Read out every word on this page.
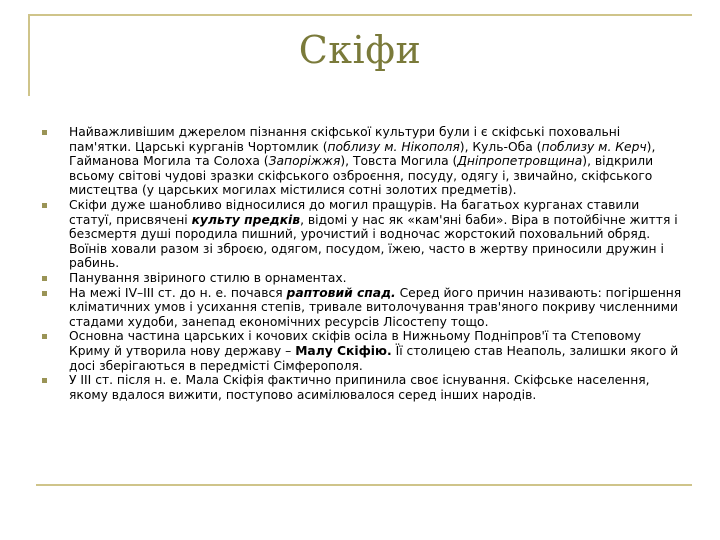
Скіфи
Найважливішим джерелом пізнання скіфської культури були і є скіфські поховальні пам'ятки. Царські курганів Чортомлик (поблизу м. Нікополя), Куль-Оба (поблизу м. Керч), Гайманова Могила та Солоха (Запоріжжя), Товста Могила (Дніпропетровщина), відкрили всьому світові чудові зразки скіфського озброєння, посуду, одягу і, звичайно, скіфського мистецтва (у царських могилах містилися сотні золотих предметів).
Скіфи дуже шанобливо відносилися до могил пращурів. На багатьох курганах ставили статуї, присвячені культу предків, відомі у нас як «кам'яні баби». Віра в потойбічне життя і безсмертя душі породила пишний, урочистий і водночас жорстокий поховальний обряд. Воїнів ховали разом зі зброєю, одягом, посудом, їжею, часто в жертву приносили дружин і рабинь.
Панування звіриного стилю в орнаментах.
На межі IV–III ст. до н. е. почався раптовий спад. Серед його причин називають: погіршення кліматичних умов і усихання степів, тривале витолочування трав'яного покриву численними стадами худоби, занепад економічних ресурсів Лісостепу тощо.
Основна частина царських і кочових скіфів осіла в Нижньому Подніпров'ї та Степовому Криму й утворила нову державу – Малу Скіфію. Її столицею став Неаполь, залишки якого й досі зберігаються в передмісті Сімферополя.
У III ст. після н. е. Мала Скіфія фактично припинила своє існування. Скіфське населення, якому вдалося вижити, поступово асимілювалося серед інших народів.
